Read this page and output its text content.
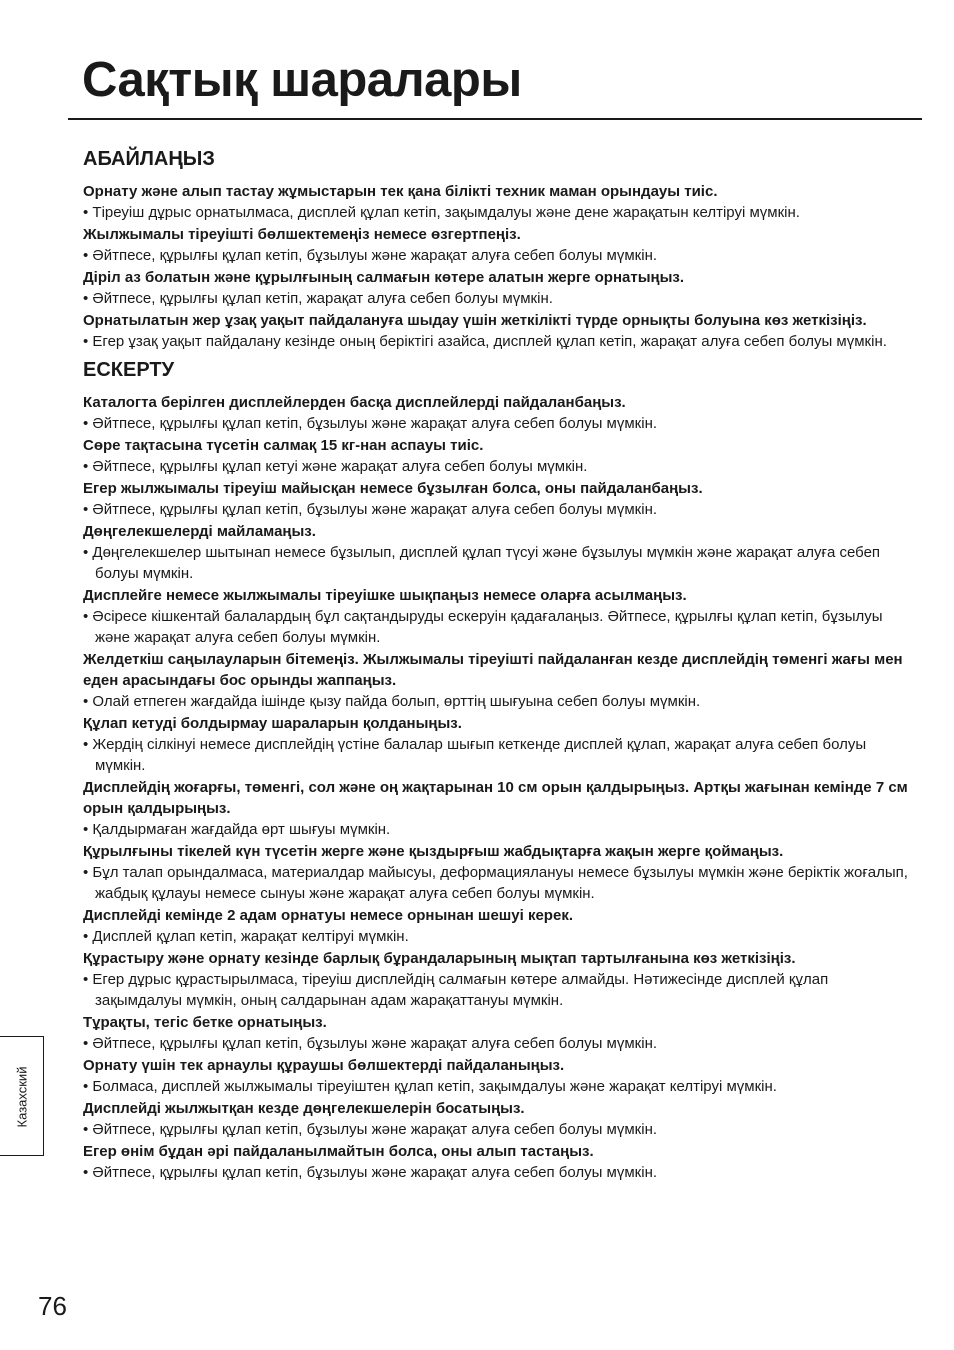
Сақтық шаралары
АБАЙЛАҢЫЗ

Орнату және алып тастау жұмыстарын тек қана білікті техник маман орындауы тиіс.

• Тіреуіш дұрыс орнатылмаса, дисплей құлап кетіп, зақымдалуы және дене жарақатын келтіруі мүмкін.

Жылжымалы тіреуішті бөлшектемеңіз немесе өзгертпеңіз.

• Әйтпесе, құрылғы құлап кетіп, бұзылуы және жарақат алуға себеп болуы мүмкін.

Діріл аз болатын және құрылғының салмағын көтере алатын жерге орнатыңыз.

• Әйтпесе, құрылғы құлап кетіп, жарақат алуға себеп болуы мүмкін.

Орнатылатын жер ұзақ уақыт пайдалануға шыдау үшін жеткілікті түрде орнықты болуына көз жеткізіңіз.

• Егер ұзақ уақыт пайдалану кезінде оның беріктігі азайса, дисплей құлап кетіп, жарақат алуға себеп болуы мүмкін.

ЕСКЕРТУ

Каталогта берілген дисплейлерден басқа дисплейлерді пайдаланбаңыз.

• Әйтпесе, құрылғы құлап кетіп, бұзылуы және жарақат алуға себеп болуы мүмкін.

Сөре тақтасына түсетін салмақ 15 кг-нан аспауы тиіс.

• Әйтпесе, құрылғы құлап кетуі және жарақат алуға себеп болуы мүмкін.

Егер жылжымалы тіреуіш майысқан немесе бұзылған болса, оны пайдаланбаңыз.

• Әйтпесе, құрылғы құлап кетіп, бұзылуы және жарақат алуға себеп болуы мүмкін.

Дөңгелекшелерді майламаңыз.

• Дөңгелекшелер шытынап немесе бұзылып, дисплей құлап түсуі және бұзылуы мүмкін және жарақат алуға себеп болуы мүмкін.

Дисплейге немесе жылжымалы тіреуішке шықпаңыз немесе оларға асылмаңыз.

• Әсіресе кішкентай балалардың бұл сақтандыруды ескеруін қадағалаңыз. Әйтпесе, құрылғы құлап кетіп, бұзылуы және жарақат алуға себеп болуы мүмкін.

Желдеткіш саңылауларын бітемеңіз. Жылжымалы тіреуішті пайдаланған кезде дисплейдің төменгі жағы мен еден арасындағы бос орынды жаппаңыз.

• Олай етпеген жағдайда ішінде қызу пайда болып, өрттің шығуына себеп болуы мүмкін.

Құлап кетуді болдырмау шараларын қолданыңыз.

• Жердің сілкінуі немесе дисплейдің үстіне балалар шығып кеткенде дисплей құлап, жарақат алуға себеп болуы мүмкін.

Дисплейдің жоғарғы, төменгі, сол және оң жақтарынан 10 см орын қалдырыңыз. Артқы жағынан кемінде 7 см орын қалдырыңыз.

• Қалдырмаған жағдайда өрт шығуы мүмкін.

Құрылғыны тікелей күн түсетін жерге және қыздырғыш жабдықтарға жақын жерге қоймаңыз.

• Бұл талап орындалмаса, материалдар майысуы, деформациялануы немесе бұзылуы мүмкін және беріктік жоғалып, жабдық құлауы немесе сынуы және жарақат алуға себеп болуы мүмкін.

Дисплейді кемінде 2 адам орнатуы немесе орнынан шешуі керек.

• Дисплей құлап кетіп, жарақат келтіруі мүмкін.

Құрастыру және орнату кезінде барлық бұрандаларының мықтап тартылғанына көз жеткізіңіз.

• Егер дұрыс құрастырылмаса, тіреуіш дисплейдің салмағын көтере алмайды. Нәтижесінде дисплей құлап зақымдалуы мүмкін, оның салдарынан адам жарақаттануы мүмкін.

Тұрақты, тегіс бетке орнатыңыз.

• Әйтпесе, құрылғы құлап кетіп, бұзылуы және жарақат алуға себеп болуы мүмкін.

Орнату үшін тек арнаулы құраушы бөлшектерді пайдаланыңыз.

• Болмаса, дисплей жылжымалы тіреуіштен құлап кетіп, зақымдалуы және жарақат келтіруі мүмкін.

Дисплейді жылжытқан кезде дөңгелекшелерін босатыңыз.

• Әйтпесе, құрылғы құлап кетіп, бұзылуы және жарақат алуға себеп болуы мүмкін.

Егер өнім бұдан әрі пайдаланылмайтын болса, оны алып тастаңыз.

• Әйтпесе, құрылғы құлап кетіп, бұзылуы және жарақат алуға себеп болуы мүмкін.

Казахский
76
